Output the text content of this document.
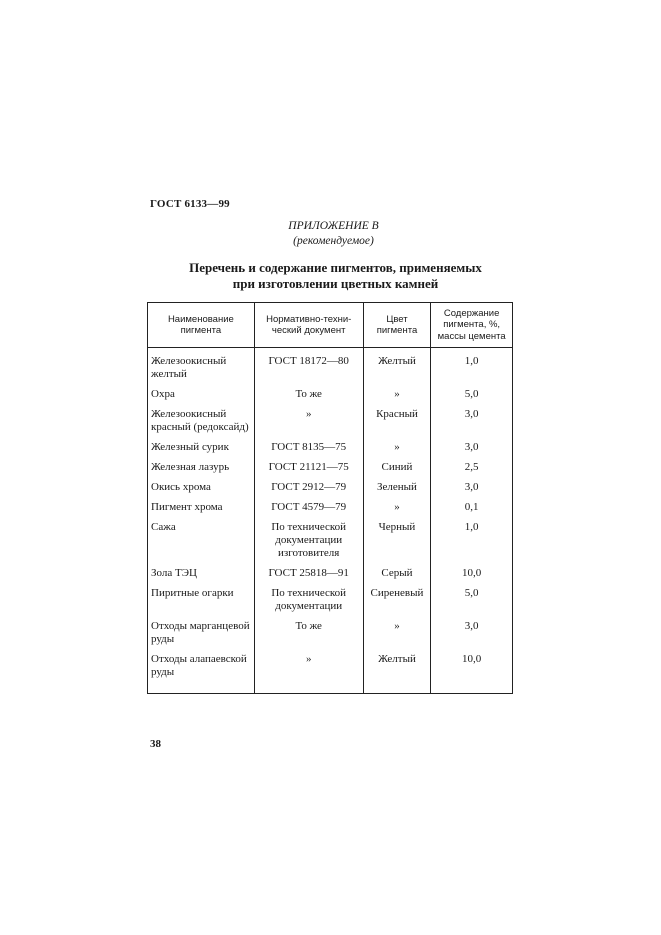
ГОСТ 6133—99
ПРИЛОЖЕНИЕ В
(рекомендуемое)
Перечень и содержание пигментов, применяемых
при изготовлении цветных камней
Наименование пигмента	Нормативно-техни-ческий документ	Цвет пигмента	Содержание пигмента, %, массы цемента
Железоокисный желтый	ГОСТ 18172—80	Желтый	1,0
Охра	То же	»	5,0
Железоокисный красный (редоксайд)	»	Красный	3,0
Железный сурик	ГОСТ 8135—75	»	3,0
Железная лазурь	ГОСТ 21121—75	Синий	2,5
Окись хрома	ГОСТ 2912—79	Зеленый	3,0
Пигмент хрома	ГОСТ 4579—79	»	0,1
Сажа	По технической документации изготовителя	Черный	1,0
Зола ТЭЦ	ГОСТ 25818—91	Серый	10,0
Пиритные огарки	По технической документации	Сиреневый	5,0
Отходы марганцевой руды	То же	»	3,0
Отходы алапаевской руды	»	Желтый	10,0
38
